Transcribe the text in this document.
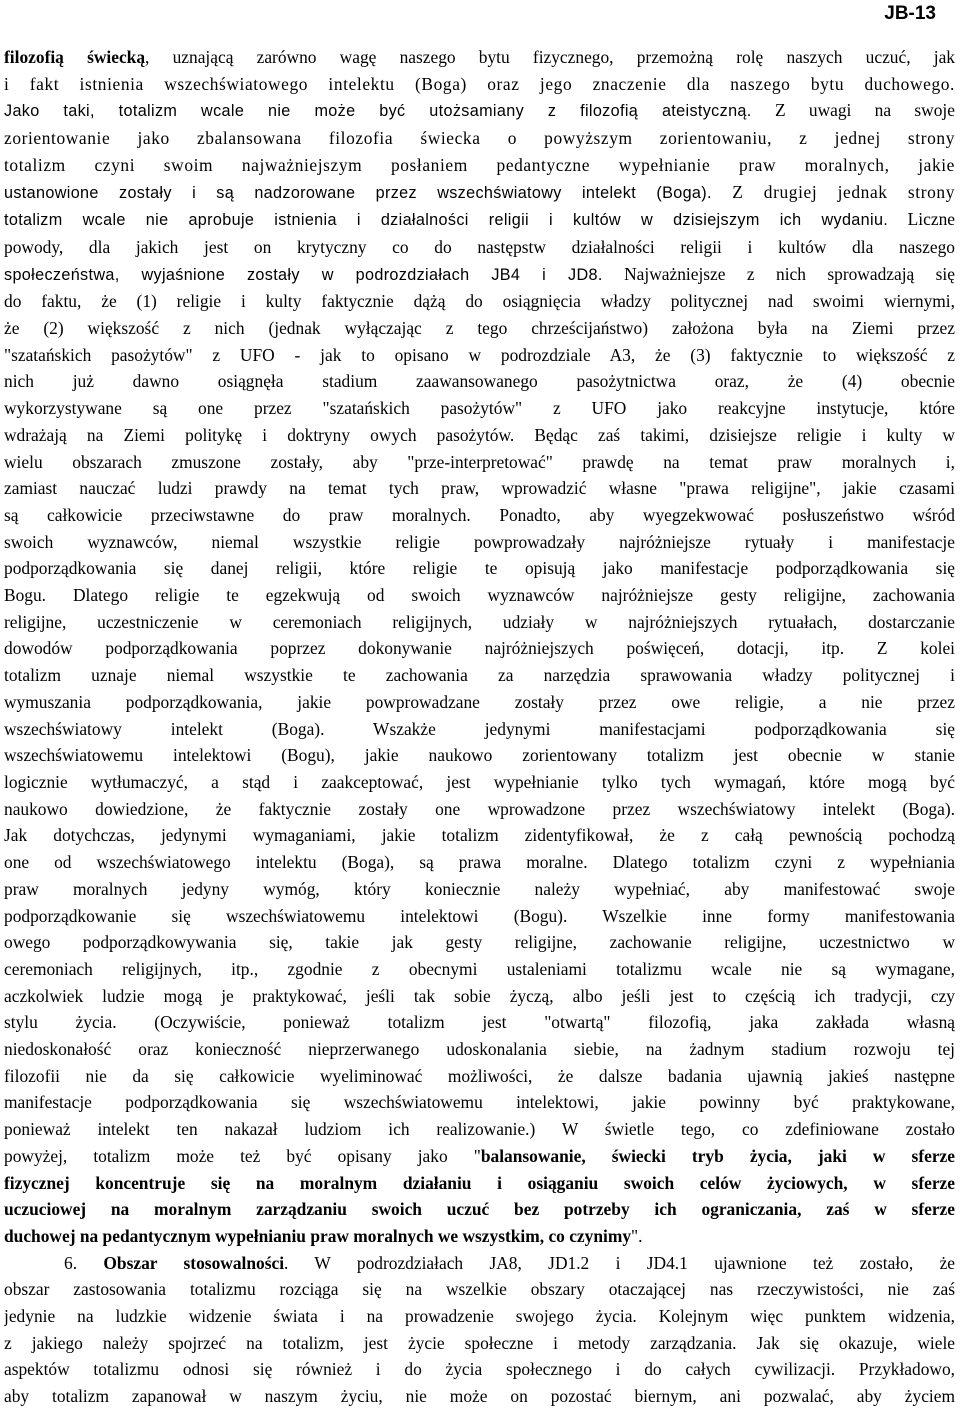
JB-13
filozofią świecką, uznającą zarówno wagę naszego bytu fizycznego, przemożną rolę naszych uczuć, jak
i fakt istnienia wszechświatowego intelektu (Boga) oraz jego znaczenie dla naszego bytu duchowego.
Jako taki, totalizm wcale nie może być utożsamiany z filozofią ateistyczną. Z uwagi na swoje
zorientowanie jako zbalansowana filozofia świecka o powyższym zorientowaniu, z jednej strony
totalizm czyni swoim najważniejszym posłaniem pedantyczne wypełnianie praw moralnych, jakie
ustanowione zostały i są nadzorowane przez wszechświatowy intelekt (Boga). Z drugiej jednak strony
totalizm wcale nie aprobuje istnienia i działalności religii i kultów w dzisiejszym ich wydaniu. Liczne
powody, dla jakich jest on krytyczny co do następstw działalności religii i kultów dla naszego
społeczeństwa, wyjaśnione zostały w podrozdziałach JB4 i JD8. Najważniejsze z nich sprowadzają się
do faktu, że (1) religie i kulty faktycznie dążą do osiągnięcia władzy politycznej nad swoimi wiernymi,
że (2) większość z nich (jednak wyłączając z tego chrześcijaństwo) założona była na Ziemi przez
"szatańskich pasożytów" z UFO - jak to opisano w podrozdziale A3, że (3) faktycznie to większość z
nich już dawno osiągnęła stadium zaawansowanego pasożytnictwa oraz, że (4) obecnie
wykorzystywane są one przez "szatańskich pasożytów" z UFO jako reakcyjne instytucje, które
wdrażają na Ziemi politykę i doktryny owych pasożytów. Będąc zaś takimi, dzisiejsze religie i kulty w
wielu obszarach zmuszone zostały, aby "prze-interpretować" prawdę na temat praw moralnych i,
zamiast nauczać ludzi prawdy na temat tych praw, wprowadzić własne "prawa religijne", jakie czasami
są całkowicie przeciwstawne do praw moralnych. Ponadto, aby wyegzekwować posłuszeństwo wśród
swoich wyznawców, niemal wszystkie religie powprowadzały najróżniejsze rytuały i manifestacje
podporządkowania się danej religii, które religie te opisują jako manifestacje podporządkowania się
Bogu. Dlatego religie te egzekwują od swoich wyznawców najróżniejsze gesty religijne, zachowania
religijne, uczestniczenie w ceremoniach religijnych, udziały w najróżniejszych rytuałach, dostarczanie
dowodów podporządkowania poprzez dokonywanie najróżniejszych poświęceń, dotacji, itp. Z kolei
totalizm uznaje niemal wszystkie te zachowania za narzędzia sprawowania władzy politycznej i
wymuszania podporządkowania, jakie powprowadzane zostały przez owe religie, a nie przez
wszechświatowy intelekt (Boga). Wszakże jedynymi manifestacjami podporządkowania się
wszechświatowemu intelektowi (Bogu), jakie naukowo zorientowany totalizm jest obecnie w stanie
logicznie wytłumaczyć, a stąd i zaakceptować, jest wypełnianie tylko tych wymagań, które mogą być
naukowo dowiedzione, że faktycznie zostały one wprowadzone przez wszechświatowy intelekt (Boga).
Jak dotychczas, jedynymi wymaganiami, jakie totalizm zidentyfikował, że z całą pewnością pochodzą
one od wszechświatowego intelektu (Boga), są prawa moralne. Dlatego totalizm czyni z wypełniania
praw moralnych jedyny wymóg, który koniecznie należy wypełniać, aby manifestować swoje
podporządkowanie się wszechświatowemu intelektowi (Bogu). Wszelkie inne formy manifestowania
owego podporządkowywania się, takie jak gesty religijne, zachowanie religijne, uczestnictwo w
ceremoniach religijnych, itp., zgodnie z obecnymi ustaleniami totalizmu wcale nie są wymagane,
aczkolwiek ludzie mogą je praktykować, jeśli tak sobie życzą, albo jeśli jest to częścią ich tradycji, czy
stylu życia. (Oczywiście, ponieważ totalizm jest "otwartą" filozofią, jaka zakłada własną
niedoskonałość oraz konieczność nieprzerwanego udoskonalania siebie, na żadnym stadium rozwoju tej
filozofii nie da się całkowicie wyeliminować możliwości, że dalsze badania ujawnią jakieś następne
manifestacje podporządkowania się wszechświatowemu intelektowi, jakie powinny być praktykowane,
ponieważ intelekt ten nakazał ludziom ich realizowanie.) W świetle tego, co zdefiniowane zostało
powyżej, totalizm może też być opisany jako "balansowanie, świecki tryb życia, jaki w sferze
fizycznej koncentruje się na moralnym działaniu i osiąganiu swoich celów życiowych, w sferze
uczuciowej na moralnym zarządzaniu swoich uczuć bez potrzeby ich ograniczania, zaś w sferze
duchowej na pedantycznym wypełnianiu praw moralnych we wszystkim, co czynimy".
6. Obszar stosowalności. W podrozdziałach JA8, JD1.2 i JD4.1 ujawnione też zostało, że
obszar zastosowania totalizmu rozciąga się na wszelkie obszary otaczającej nas rzeczywistości, nie zaś
jedynie na ludzkie widzenie świata i na prowadzenie swojego życia. Kolejnym więc punktem widzenia,
z jakiego należy spojrzeć na totalizm, jest życie społeczne i metody zarządzania. Jak się okazuje, wiele
aspektów totalizmu odnosi się również i do życia społecznego i do całych cywilizacji. Przykładowo,
aby totalizm zapanował w naszym życiu, nie może on pozostać biernym, ani pozwalać, aby życiem
